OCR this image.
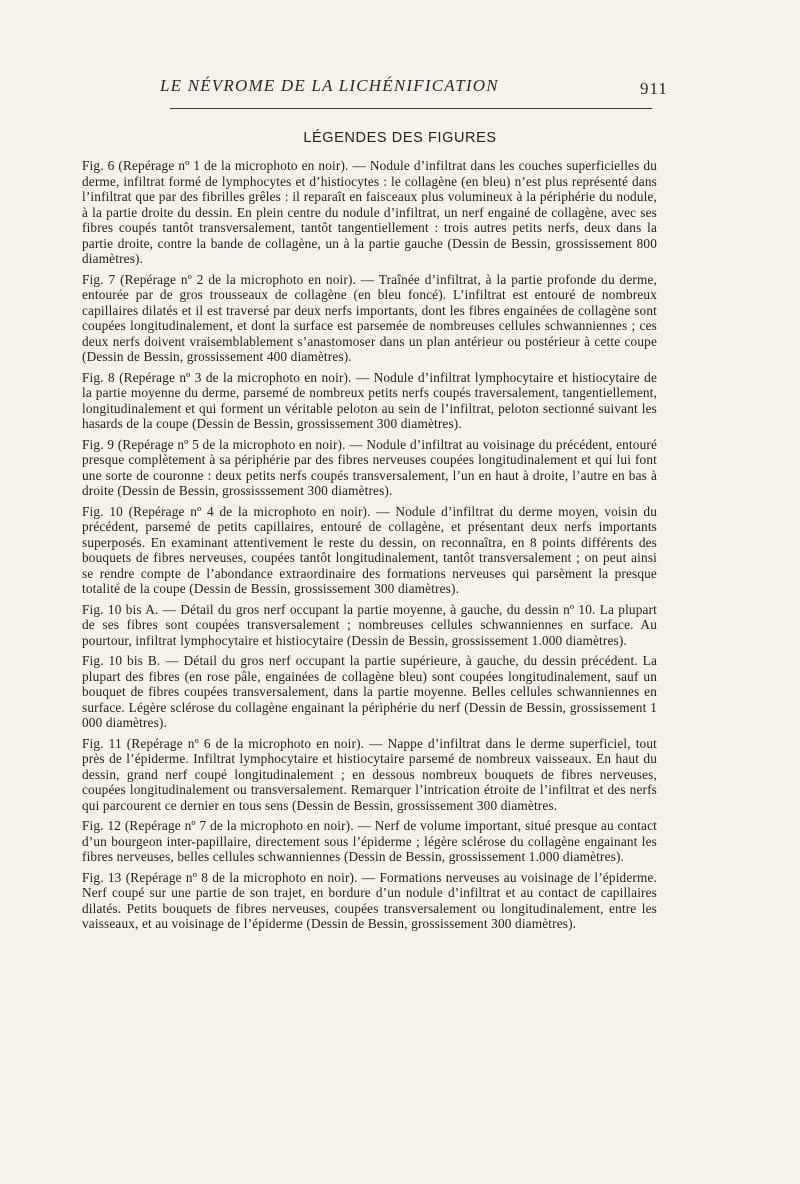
LE NÉVROME DE LA LICHÉNIFICATION	911
LÉGENDES DES FIGURES

Fig. 6 (Repérage nº 1 de la microphoto en noir). — Nodule d’infiltrat dans les couches superficielles du derme, infiltrat formé de lymphocytes et d’histiocytes : le collagène (en bleu) n’est plus représenté dans l’infiltrat que par des fibrilles grêles : il reparaît en faisceaux plus volumineux à la périphérie du nodule, à la partie droite du dessin. En plein centre du nodule d’infiltrat, un nerf engainé de collagène, avec ses fibres coupés tantôt transversalement, tantôt tangentiellement : trois autres petits nerfs, deux dans la partie droite, contre la bande de collagène, un à la partie gauche (Dessin de Bessin, grossissement 800 diamètres).

Fig. 7 (Repérage nº 2 de la microphoto en noir). — Traînée d’infiltrat, à la partie profonde du derme, entourée par de gros trousseaux de collagène (en bleu foncé). L’infiltrat est entouré de nombreux capillaires dilatés et il est traversé par deux nerfs importants, dont les fibres engainées de collagène sont coupées longitudinalement, et dont la surface est parsemée de nombreuses cellules schwanniennes ; ces deux nerfs doivent vraisemblablement s’anastomoser dans un plan antérieur ou postérieur à cette coupe (Dessin de Bessin, grossissement 400 diamètres).

Fig. 8 (Repérage nº 3 de la microphoto en noir). — Nodule d’infiltrat lymphocytaire et histiocytaire de la partie moyenne du derme, parsemé de nombreux petits nerfs coupés traversalement, tangentiellement, longitudinalement et qui forment un véritable peloton au sein de l’infiltrat, peloton sectionné suivant les hasards de la coupe (Dessin de Bessin, grossissement 300 diamètres).

Fig. 9 (Repérage nº 5 de la microphoto en noir). — Nodule d’infiltrat au voisinage du précédent, entouré presque complètement à sa périphérie par des fibres nerveuses coupées longitudinalement et qui lui font une sorte de couronne : deux petits nerfs coupés transversalement, l’un en haut à droite, l’autre en bas à droite (Dessin de Bessin, grossisssement 300 diamètres).

Fig. 10 (Repérage nº 4 de la microphoto en noir). — Nodule d’infiltrat du derme moyen, voisin du précédent, parsemé de petits capillaires, entouré de collagène, et présentant deux nerfs importants superposés. En examinant attentivement le reste du dessin, on reconnaîtra, en 8 points différents des bouquets de fibres nerveuses, coupées tantôt longitudinalement, tantôt transversalement ; on peut ainsi se rendre compte de l’abondance extraordinaire des formations nerveuses qui parsèment la presque totalité de la coupe (Dessin de Bessin, grossissement 300 diamètres).

Fig. 10 bis A. — Détail du gros nerf occupant la partie moyenne, à gauche, du dessin nº 10. La plupart de ses fibres sont coupées transversalement ; nombreuses cellules schwanniennes en surface. Au pourtour, infiltrat lymphocytaire et histiocytaire (Dessin de Bessin, grossissement 1.000 diamètres).

Fig. 10 bis B. — Détail du gros nerf occupant la partie supérieure, à gauche, du dessin précédent. La plupart des fibres (en rose pâle, engainées de collagène bleu) sont coupées longitudinalement, sauf un bouquet de fibres coupées transversalement, dans la partie moyenne. Belles cellules schwanniennes en surface. Légère sclérose du collagène engainant la périphérie du nerf (Dessin de Bessin, grossissement 1 000 diamètres).

Fig. 11 (Repérage nº 6 de la microphoto en noir). — Nappe d’infiltrat dans le derme superficiel, tout près de l’épiderme. Infiltrat lymphocytaire et histiocytaire parsemé de nombreux vaisseaux. En haut du dessin, grand nerf coupé longitudinalement ; en dessous nombreux bouquets de fibres nerveuses, coupées longitudinalement ou transversalement. Remarquer l’intrication étroite de l’infiltrat et des nerfs qui parcourent ce dernier en tous sens (Dessin de Bessin, grossissement 300 diamètres.

Fig. 12 (Repérage nº 7 de la microphoto en noir). — Nerf de volume important, situé presque au contact d’un bourgeon inter-papillaire, directement sous l’épiderme ; légère sclérose du collagène engainant les fibres nerveuses, belles cellules schwanniennes (Dessin de Bessin, grossissement 1.000 diamètres).

Fig. 13 (Repérage nº 8 de la microphoto en noir). — Formations nerveuses au voisinage de l’épiderme. Nerf coupé sur une partie de son trajet, en bordure d’un nodule d’infiltrat et au contact de capillaires dilatés. Petits bouquets de fibres nerveuses, coupées transversalement ou longitudinalement, entre les vaisseaux, et au voisinage de l’épiderme (Dessin de Bessin, grossissement 300 diamètres).
